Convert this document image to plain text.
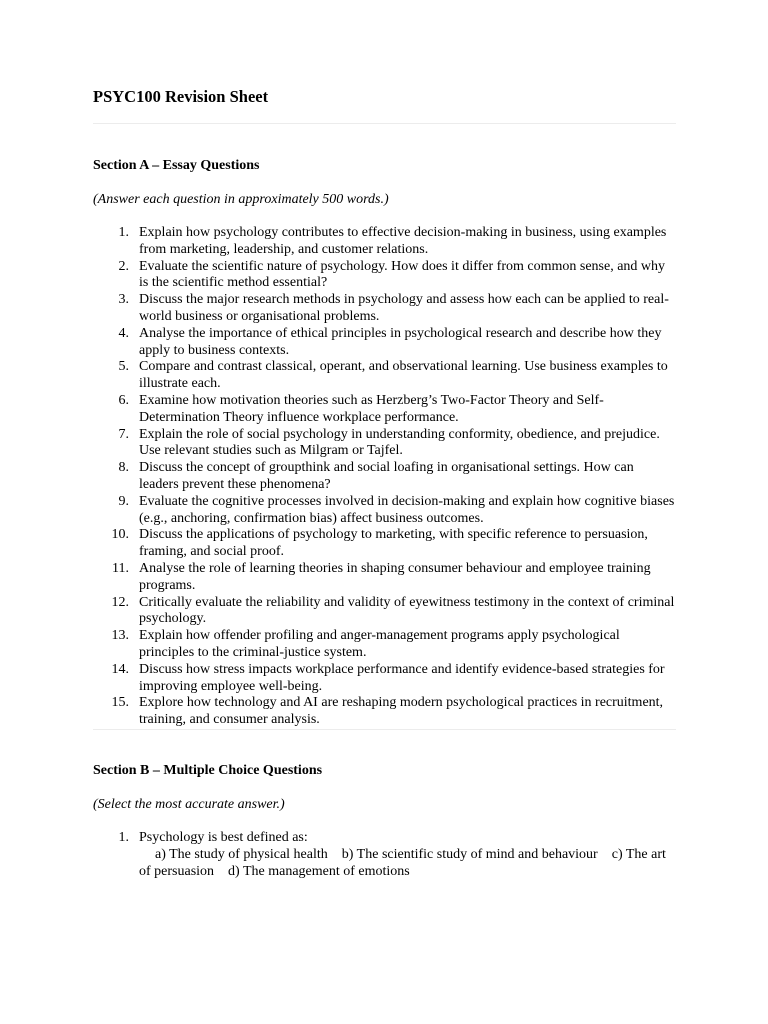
PSYC100 Revision Sheet
Section A – Essay Questions

(Answer each question in approximately 500 words.)

1. Explain how psychology contributes to effective decision-making in business, using examples from marketing, leadership, and customer relations.
2. Evaluate the scientific nature of psychology. How does it differ from common sense, and why is the scientific method essential?
3. Discuss the major research methods in psychology and assess how each can be applied to real-world business or organisational problems.
4. Analyse the importance of ethical principles in psychological research and describe how they apply to business contexts.
5. Compare and contrast classical, operant, and observational learning. Use business examples to illustrate each.
6. Examine how motivation theories such as Herzberg’s Two-Factor Theory and Self-Determination Theory influence workplace performance.
7. Explain the role of social psychology in understanding conformity, obedience, and prejudice. Use relevant studies such as Milgram or Tajfel.
8. Discuss the concept of groupthink and social loafing in organisational settings. How can leaders prevent these phenomena?
9. Evaluate the cognitive processes involved in decision-making and explain how cognitive biases (e.g., anchoring, confirmation bias) affect business outcomes.
10. Discuss the applications of psychology to marketing, with specific reference to persuasion, framing, and social proof.
11. Analyse the role of learning theories in shaping consumer behaviour and employee training programs.
12. Critically evaluate the reliability and validity of eyewitness testimony in the context of criminal psychology.
13. Explain how offender profiling and anger-management programs apply psychological principles to the criminal-justice system.
14. Discuss how stress impacts workplace performance and identify evidence-based strategies for improving employee well-being.
15. Explore how technology and AI are reshaping modern psychological practices in recruitment, training, and consumer analysis.
Section B – Multiple Choice Questions

(Select the most accurate answer.)

1. Psychology is best defined as:
a) The study of physical health b) The scientific study of mind and behaviour c) The art of persuasion d) The management of emotions
